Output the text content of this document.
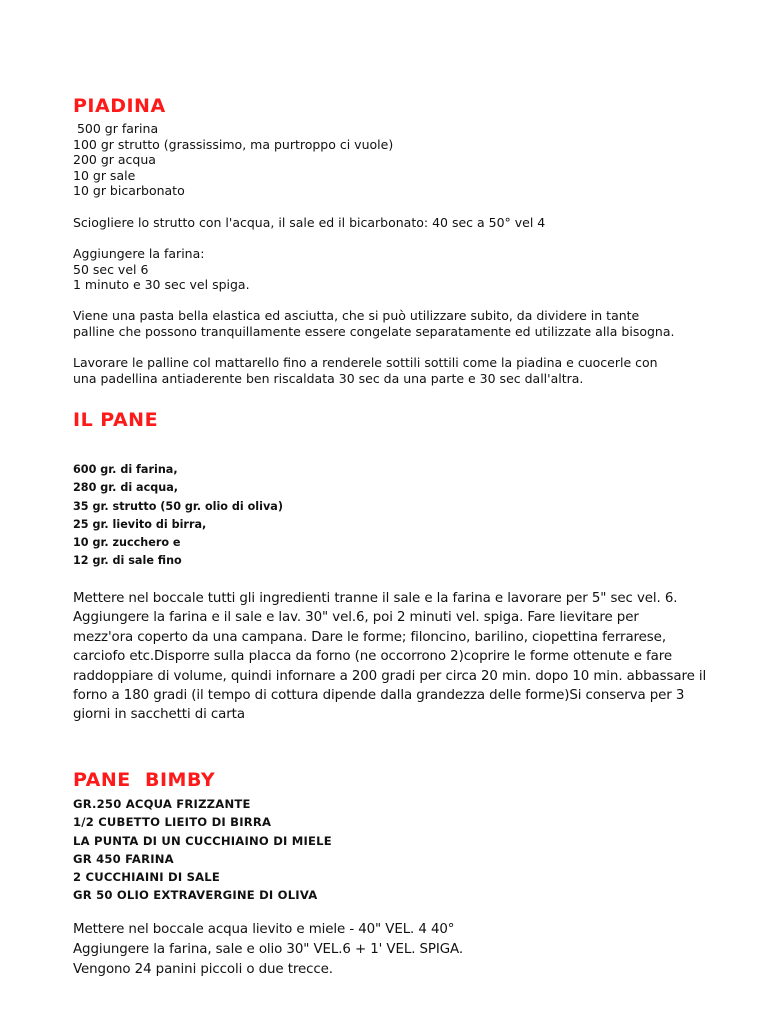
PIADINA
500 gr farina
100 gr strutto (grassissimo, ma purtroppo ci vuole)
200 gr acqua
10 gr sale
10 gr bicarbonato
Sciogliere lo strutto con l'acqua, il sale ed il bicarbonato: 40 sec a 50° vel 4
Aggiungere la farina:
50 sec vel 6
1 minuto e 30 sec vel spiga.
Viene una pasta bella elastica ed asciutta, che si può utilizzare subito, da dividere in tante
palline che possono tranquillamente essere congelate separatamente ed utilizzate alla bisogna.
Lavorare le palline col mattarello fino a renderele sottili sottili come la piadina e cuocerle con
una padellina antiaderente ben riscaldata 30 sec da una parte e 30 sec dall'altra.
IL PANE
600 gr. di farina,
280 gr. di acqua,
35 gr. strutto (50 gr. olio di oliva)
25 gr. lievito di birra,
10 gr. zucchero e
12 gr. di sale fino
Mettere nel boccale tutti gli ingredienti tranne il sale e la farina e lavorare per 5" sec vel. 6.
Aggiungere la farina e il sale e lav. 30" vel.6, poi 2 minuti vel. spiga. Fare lievitare per
mezz'ora coperto da una campana. Dare le forme; filoncino, barilino, ciopettina ferrarese,
carciofo etc.Disporre sulla placca da forno (ne occorrono 2)coprire le forme ottenute e fare
raddoppiare di volume, quindi infornare a 200 gradi per circa 20 min. dopo 10 min. abbassare il
forno a 180 gradi (il tempo di cottura dipende dalla grandezza delle forme)Si conserva per 3
giorni in sacchetti di carta
PANE  BIMBY
GR.250 ACQUA FRIZZANTE
1/2 CUBETTO LIEITO DI BIRRA
LA PUNTA DI UN CUCCHIAINO DI MIELE
GR 450 FARINA
2 CUCCHIAINI DI SALE
GR 50 OLIO EXTRAVERGINE DI OLIVA
Mettere nel boccale acqua lievito e miele - 40" VEL. 4 40°
Aggiungere la farina, sale e olio 30" VEL.6 + 1' VEL. SPIGA.
Vengono 24 panini piccoli o due trecce.
